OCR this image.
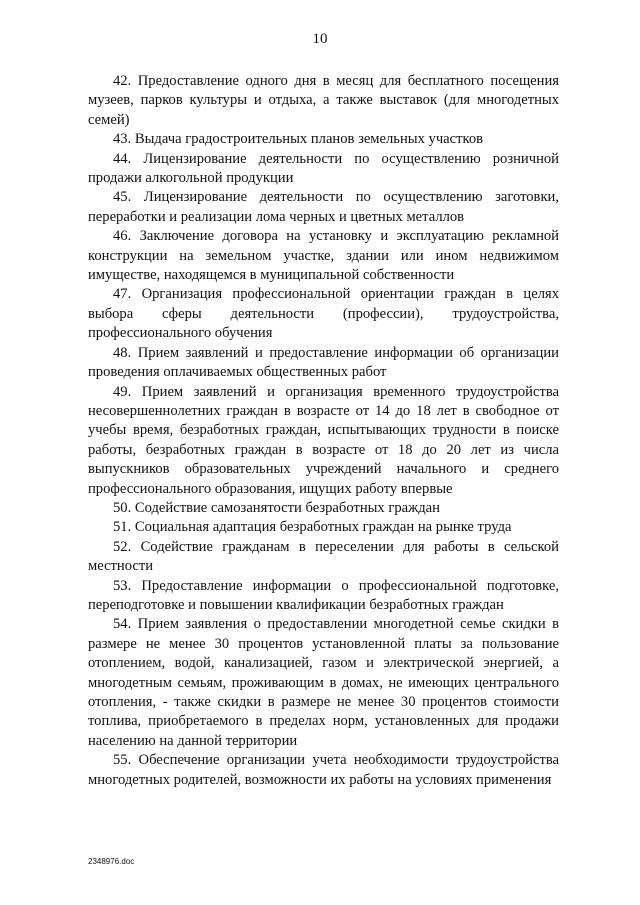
10

42. Предоставление одного дня в месяц для бесплатного посещения музеев, парков культуры и отдыха, а также выставок (для многодетных семей)

43. Выдача градостроительных планов земельных участков

44. Лицензирование деятельности по осуществлению розничной продажи алкогольной продукции

45. Лицензирование деятельности по осуществлению заготовки, переработки и реализации лома черных и цветных металлов

46. Заключение договора на установку и эксплуатацию рекламной конструкции на земельном участке, здании или ином недвижимом имуществе, находящемся в муниципальной собственности

47. Организация профессиональной ориентации граждан в целях выбора сферы деятельности (профессии), трудоустройства, профессионального обучения

48. Прием заявлений и предоставление информации об организации проведения оплачиваемых общественных работ

49. Прием заявлений и организация временного трудоустройства несовершеннолетних граждан в возрасте от 14 до 18 лет в свободное от учебы время, безработных граждан, испытывающих трудности в поиске работы, безработных граждан в возрасте от 18 до 20 лет из числа выпускников образовательных учреждений начального и среднего профессионального образования, ищущих работу впервые

50. Содействие самозанятости безработных граждан

51. Социальная адаптация безработных граждан на рынке труда

52. Содействие гражданам в переселении для работы в сельской местности

53. Предоставление информации о профессиональной подготовке, переподготовке и повышении квалификации безработных граждан

54. Прием заявления о предоставлении многодетной семье скидки в размере не менее 30 процентов установленной платы за пользование отоплением, водой, канализацией, газом и электрической энергией, а многодетным семьям, проживающим в домах, не имеющих центрального отопления, - также скидки в размере не менее 30 процентов стоимости топлива, приобретаемого в пределах норм, установленных для продажи населению на данной территории

55. Обеспечение организации учета необходимости трудоустройства многодетных родителей, возможности их работы на условиях применения

2348976.doc
